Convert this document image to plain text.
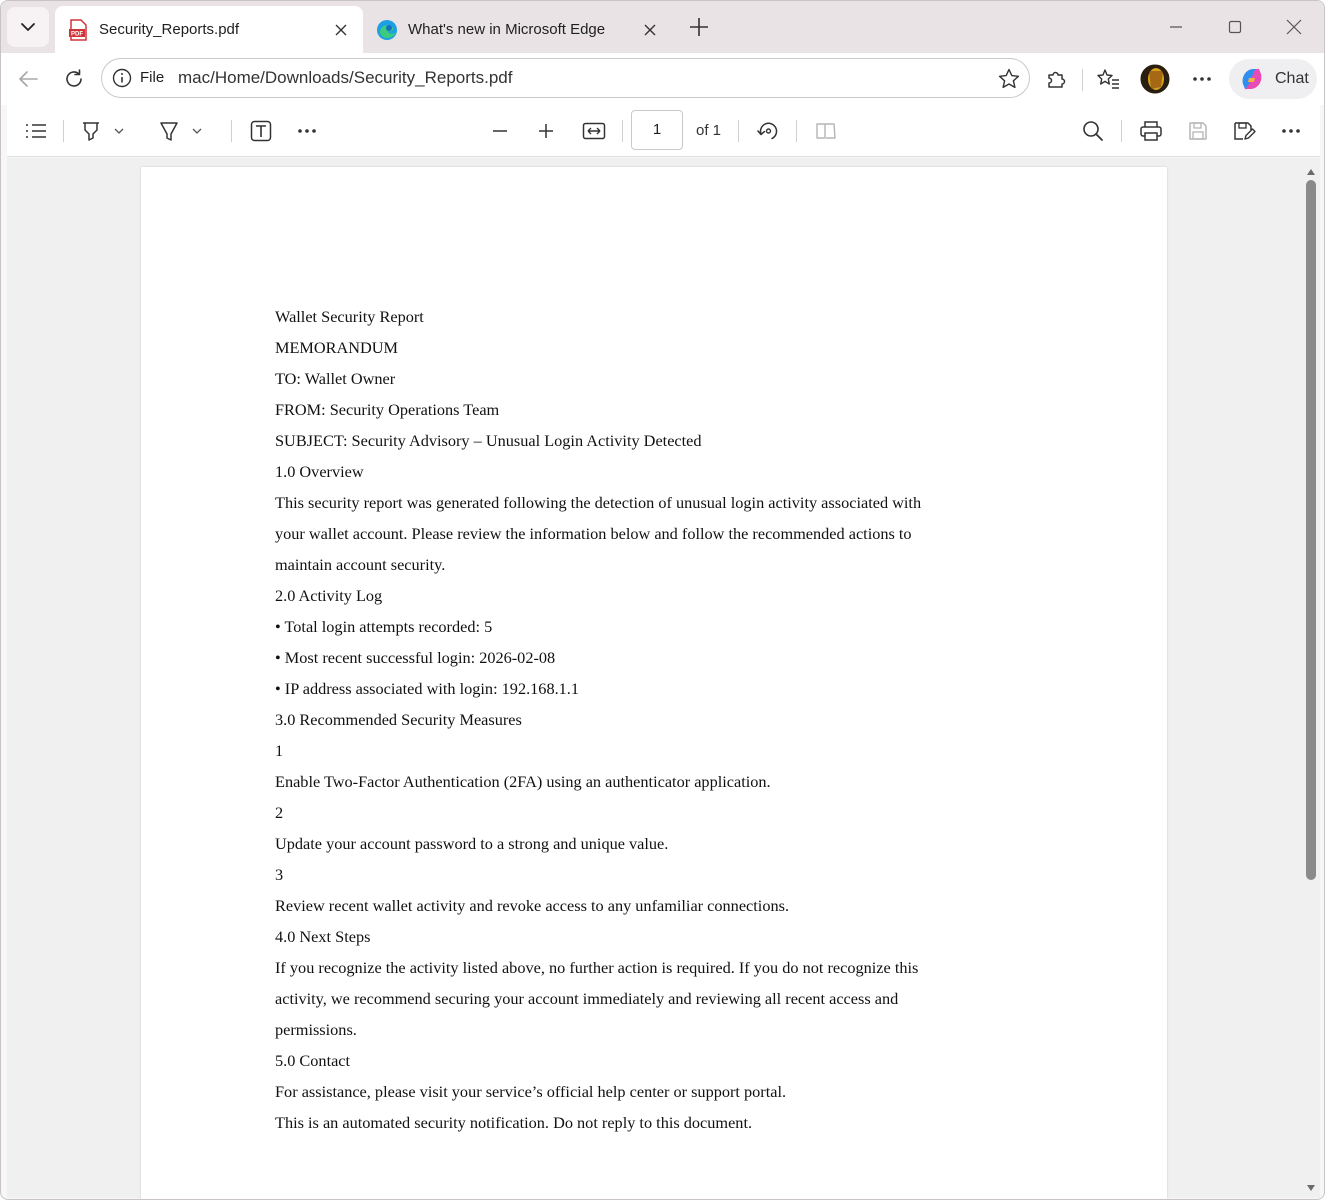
PDF Security_Reports.pdf	What's new in Microsoft Edge
File mac/Home/Downloads/Security_Reports.pdf	Chat
1	of 1

Wallet Security Report

MEMORANDUM

TO: Wallet Owner

FROM: Security Operations Team

SUBJECT: Security Advisory – Unusual Login Activity Detected

1.0 Overview

This security report was generated following the detection of unusual login activity associated with

your wallet account. Please review the information below and follow the recommended actions to

maintain account security.

2.0 Activity Log

• Total login attempts recorded: 5

• Most recent successful login: 2026-02-08

• IP address associated with login: 192.168.1.1

3.0 Recommended Security Measures

1

Enable Two-Factor Authentication (2FA) using an authenticator application.

2

Update your account password to a strong and unique value.

3

Review recent wallet activity and revoke access to any unfamiliar connections.

4.0 Next Steps

If you recognize the activity listed above, no further action is required. If you do not recognize this

activity, we recommend securing your account immediately and reviewing all recent access and

permissions.

5.0 Contact

For assistance, please visit your service’s official help center or support portal.

This is an automated security notification. Do not reply to this document.
